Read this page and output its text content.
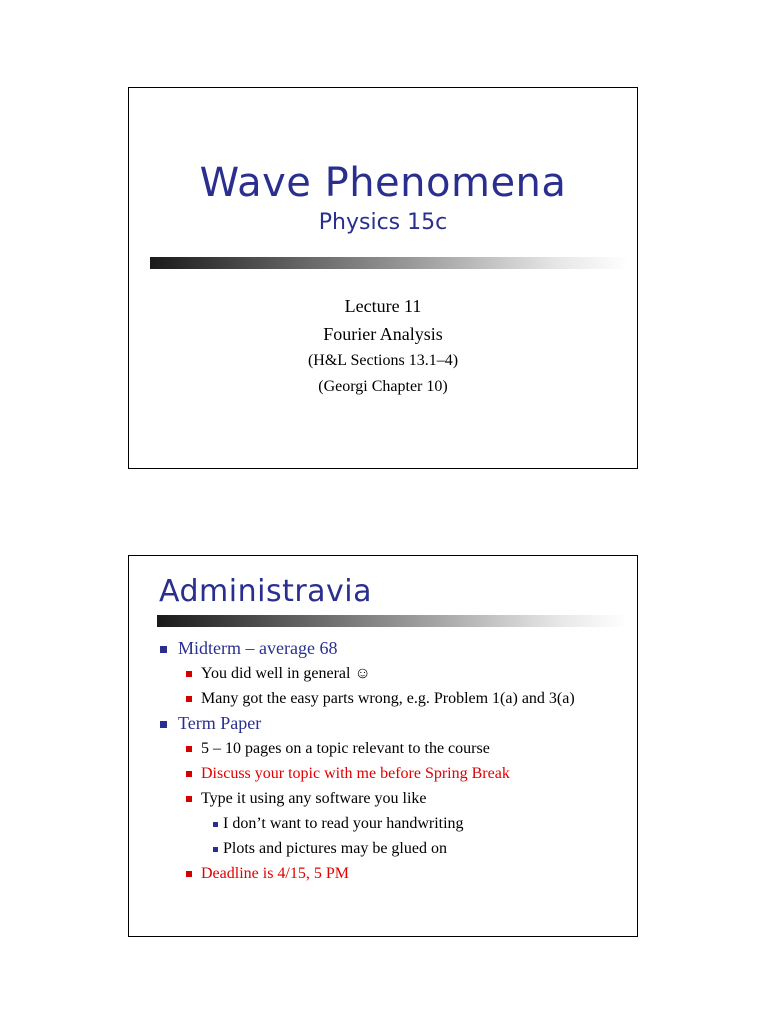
Wave Phenomena
Physics 15c
Lecture 11
Fourier Analysis
(H&L Sections 13.1–4)
(Georgi Chapter 10)
Administravia
Midterm – average 68
You did well in general ☺
Many got the easy parts wrong, e.g. Problem 1(a) and 3(a)
Term Paper
5 – 10 pages on a topic relevant to the course
Discuss your topic with me before Spring Break
Type it using any software you like
I don’t want to read your handwriting
Plots and pictures may be glued on
Deadline is 4/15, 5 PM
